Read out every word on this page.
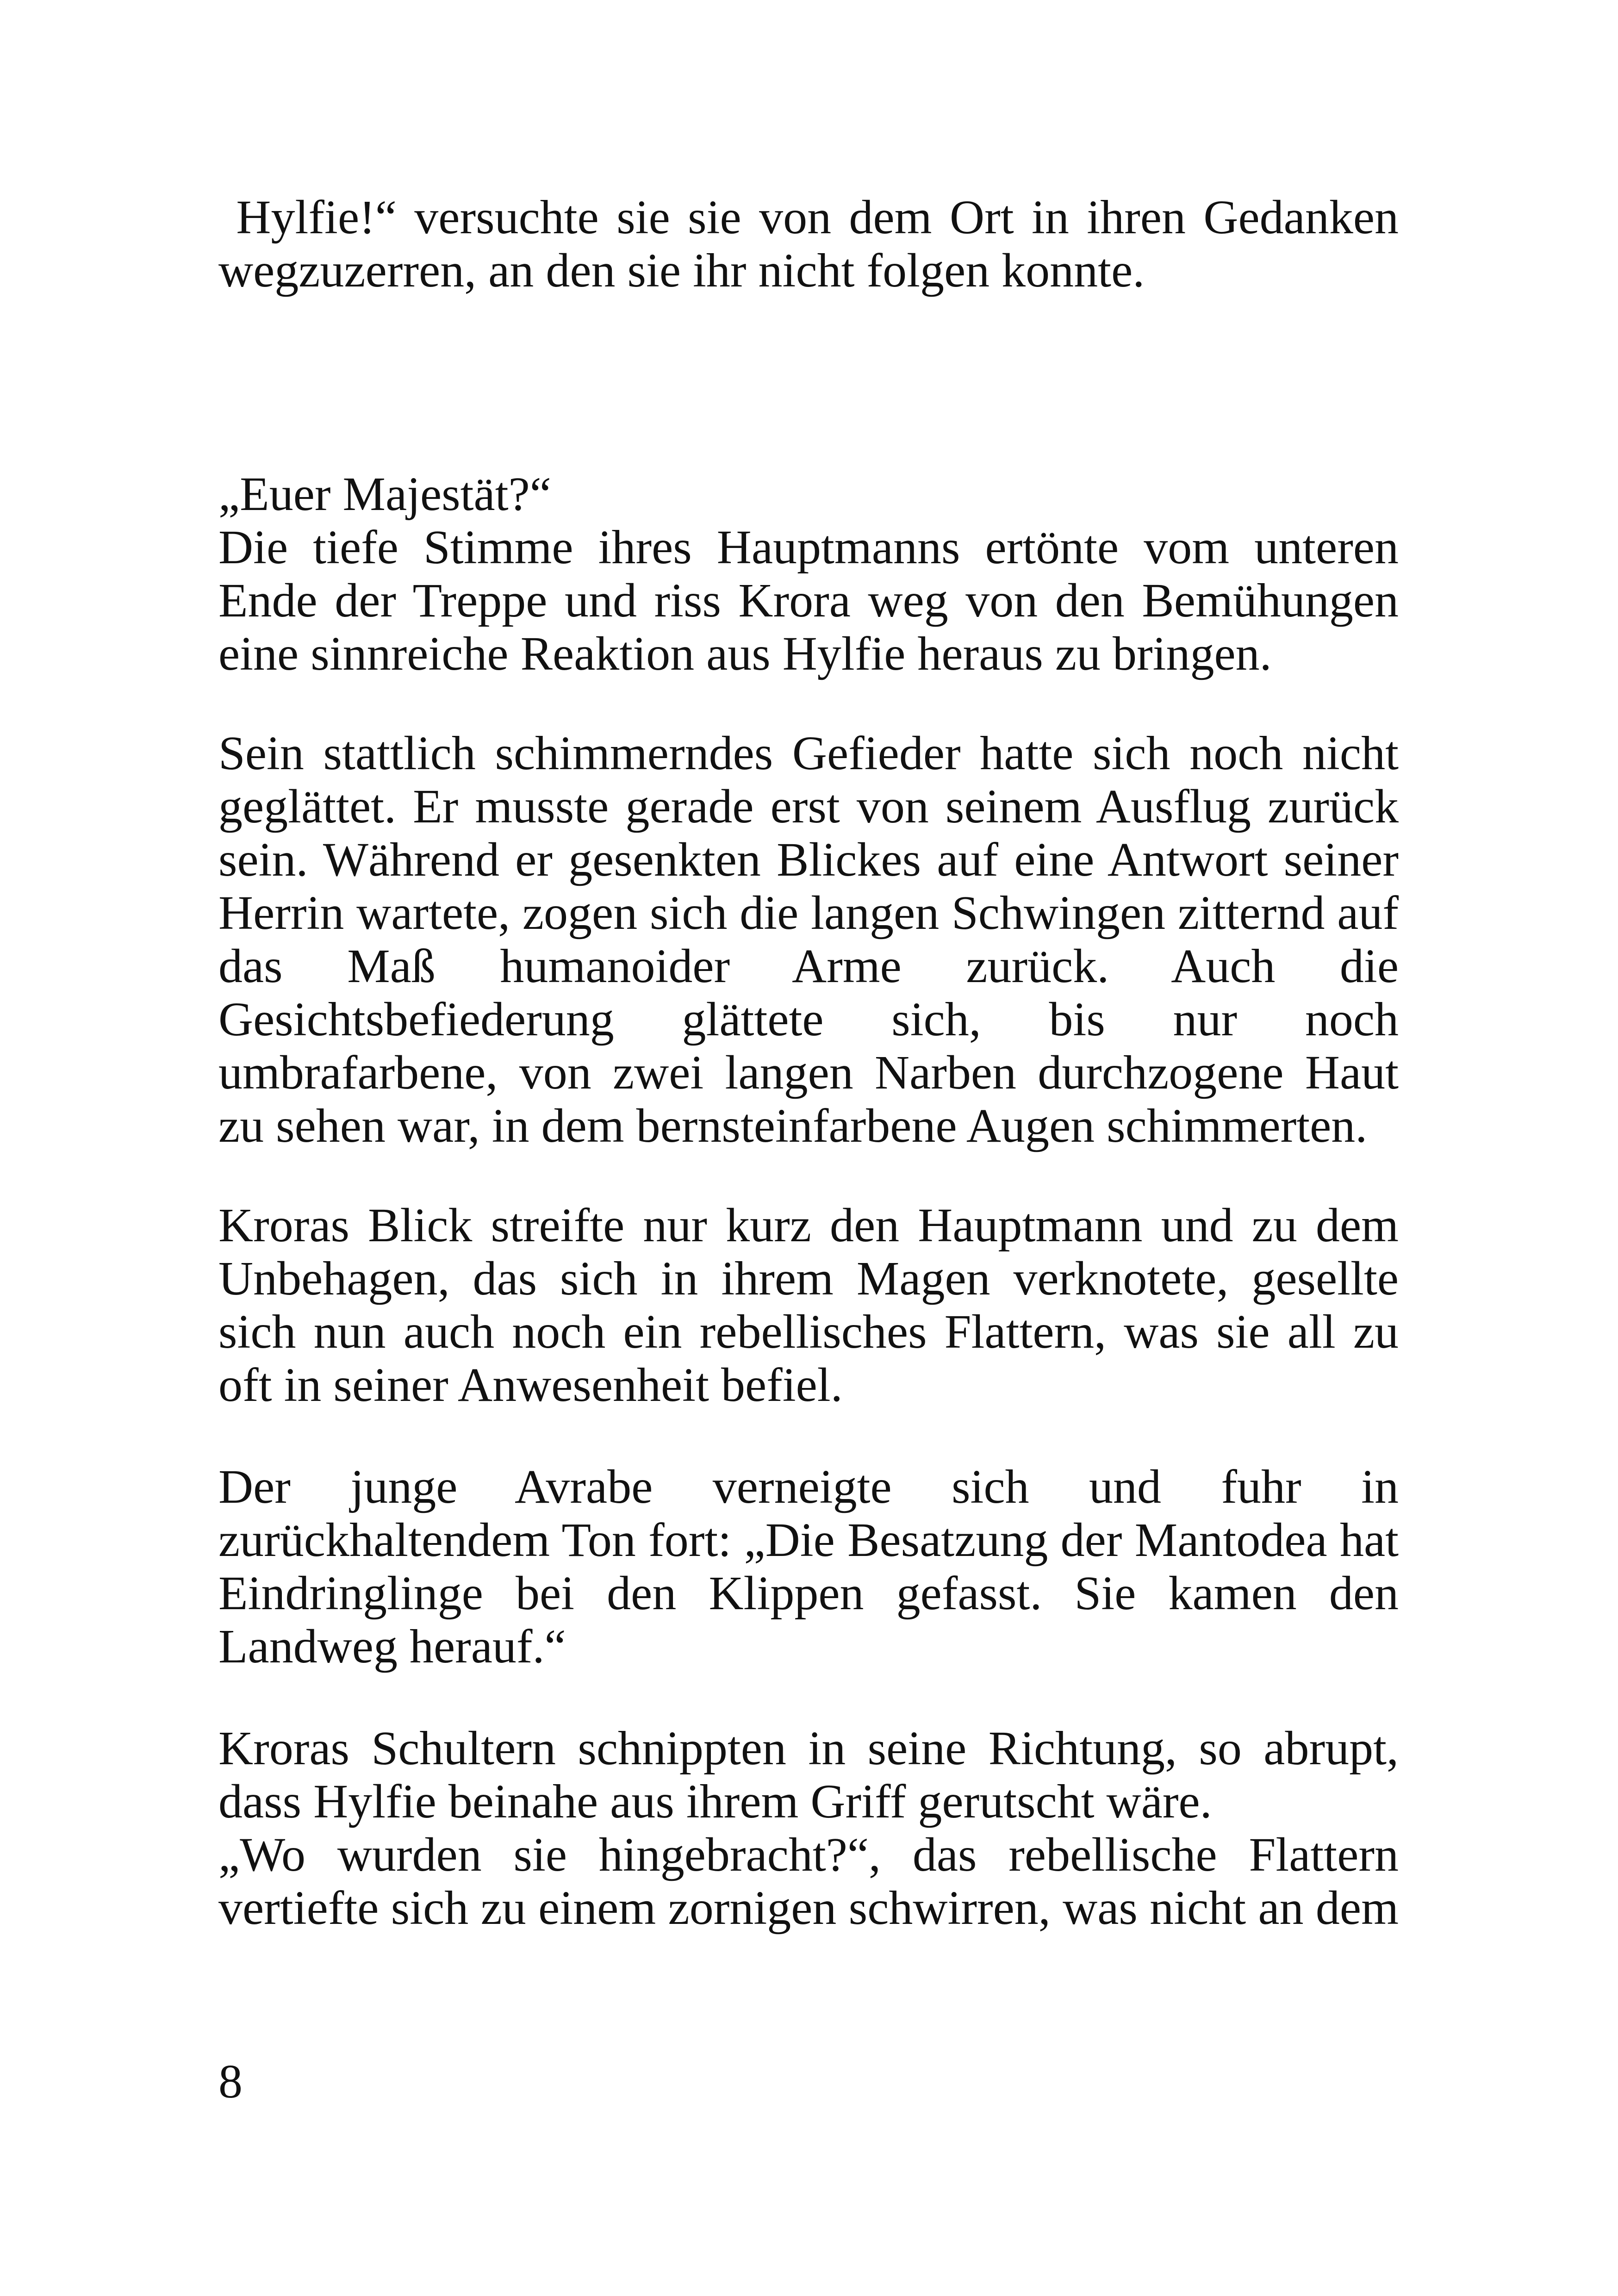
Hylfie!“ versuchte sie sie von dem Ort in ihren Gedanken wegzuzerren, an den sie ihr nicht folgen konnte.

„Euer Majestät?“

Die tiefe Stimme ihres Hauptmanns ertönte vom unteren Ende der Treppe und riss Krora weg von den Bemühungen eine sinnreiche Reaktion aus Hylfie heraus zu bringen.

Sein stattlich schimmerndes Gefieder hatte sich noch nicht geglättet. Er musste gerade erst von seinem Ausflug zurück sein. Während er gesenkten Blickes auf eine Antwort seiner Herrin wartete, zogen sich die langen Schwingen zitternd auf das Maß humanoider Arme zurück. Auch die Gesichtsbefiederung glättete sich, bis nur noch umbrafarbene, von zwei langen Narben durchzogene Haut zu sehen war, in dem bernsteinfarbene Augen schimmerten.

Kroras Blick streifte nur kurz den Hauptmann und zu dem Unbehagen, das sich in ihrem Magen verknotete, gesellte sich nun auch noch ein rebellisches Flattern, was sie all zu oft in seiner Anwesenheit befiel.

Der junge Avrabe verneigte sich und fuhr in zurückhaltendem Ton fort: „Die Besatzung der Mantodea hat Eindringlinge bei den Klippen gefasst. Sie kamen den Landweg herauf.“

Kroras Schultern schnippten in seine Richtung, so abrupt, dass Hylfie beinahe aus ihrem Griff gerutscht wäre.

„Wo wurden sie hingebracht?“, das rebellische Flattern vertiefte sich zu einem zornigen schwirren, was nicht an dem

8
